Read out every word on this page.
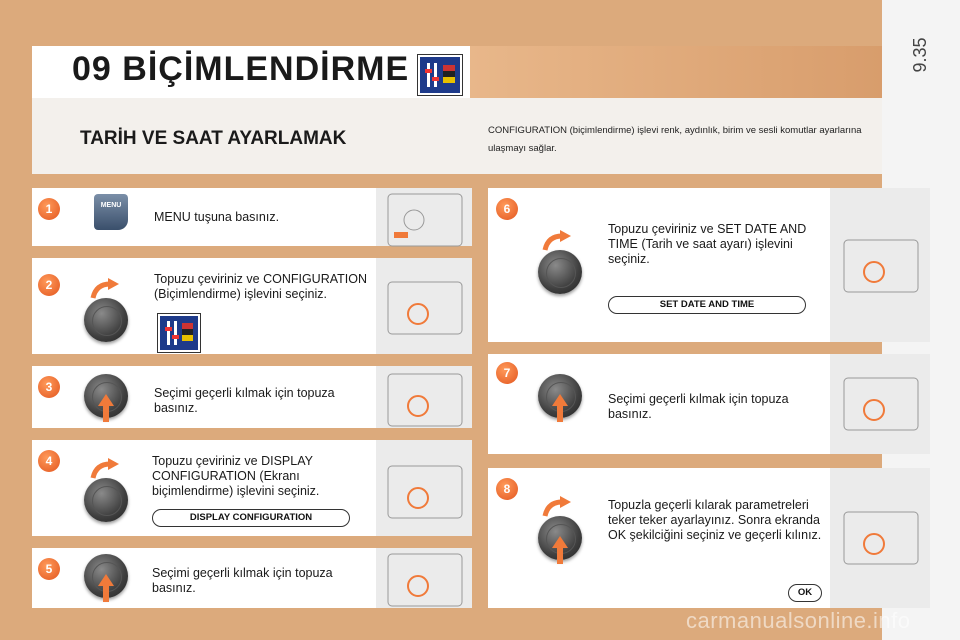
9.35
09 BİÇİMLENDİRME
TARİH VE SAAT AYARLAMAK	CONFIGURATION (biçimlendirme) işlevi renk, aydınlık, birim ve sesli komutlar ayarlarına ulaşmayı sağlar.
1
2
3
4
5
6
7
8
MENU
MENU tuşuna basınız.
Topuzu çeviriniz ve CONFIGURATION (Biçimlendirme) işlevini seçiniz.
Seçimi geçerli kılmak için topuza basınız.
Topuzu çeviriniz ve DISPLAY CONFIGURATION (Ekranı biçimlendirme) işlevini seçiniz.
DISPLAY CONFIGURATION
Seçimi geçerli kılmak için topuza basınız.
Topuzu çeviriniz ve SET DATE AND TIME (Tarih ve saat ayarı) işlevini seçiniz.
SET DATE AND TIME
Seçimi geçerli kılmak için topuza basınız.
Topuzla geçerli kılarak parametreleri teker teker ayarlayınız. Sonra ekranda OK şekilciğini seçiniz ve geçerli kılınız.
OK
carmanualsonline.info
